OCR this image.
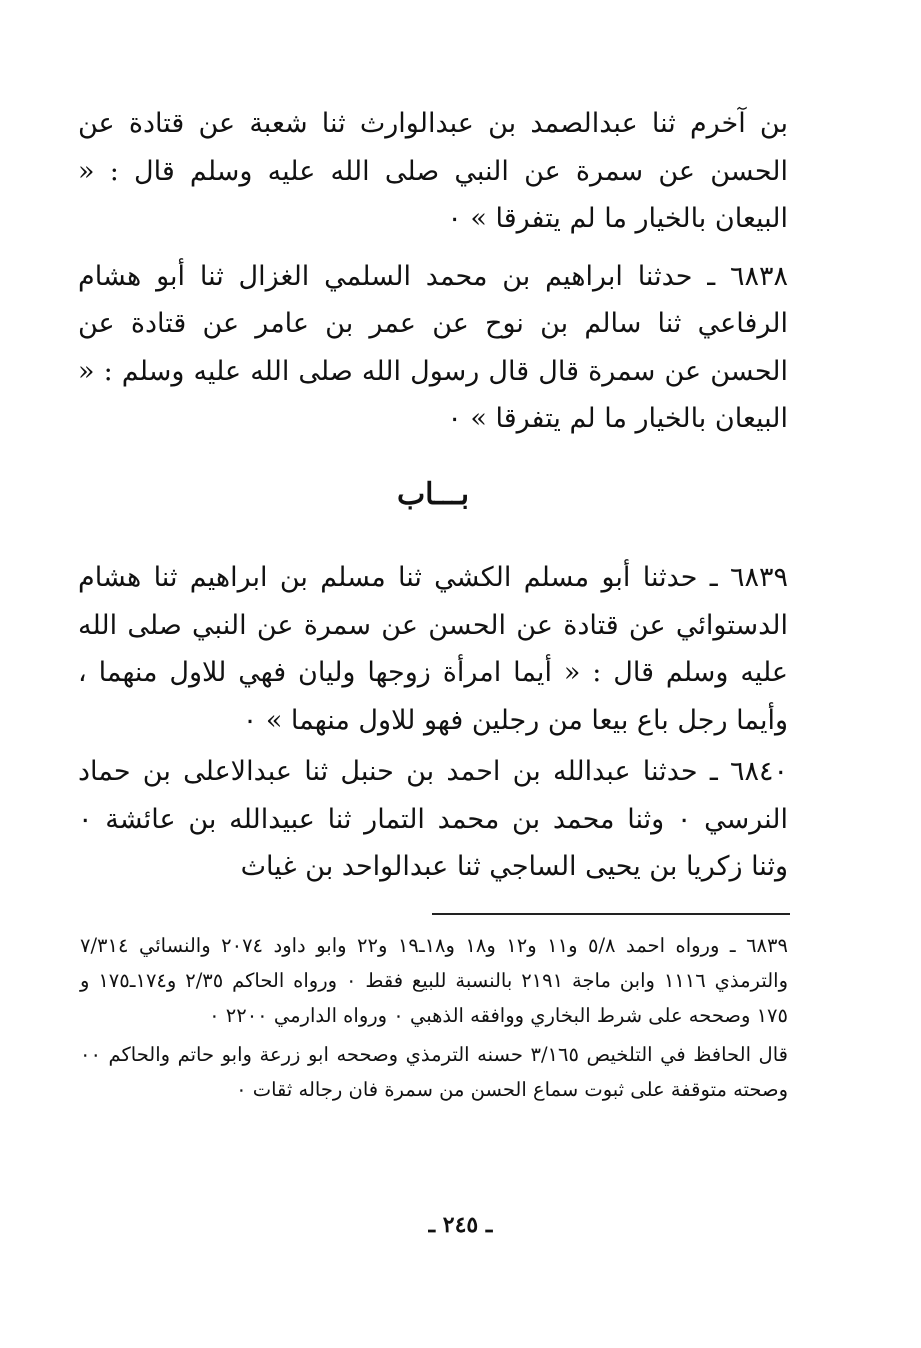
بن آخرم ثنا عبدالصمد بن عبدالوارث ثنا شعبة عن قتادة عن الحسن عن سمرة عن النبي صلى الله عليه وسلم قال : « البيعان بالخيار ما لم يتفرقا » ٠

٦٨٣٨ ـ حدثنا ابراهيم بن محمد السلمي الغزال ثنا أبو هشام الرفاعي ثنا سالم بن نوح عن عمر بن عامر عن قتادة عن الحسن عن سمرة قال قال رسول الله صلى الله عليه وسلم : « البيعان بالخيار ما لم يتفرقا » ٠

بـــاب

٦٨٣٩ ـ حدثنا أبو مسلم الكشي ثنا مسلم بن ابراهيم ثنا هشام الدستوائي عن قتادة عن الحسن عن سمرة عن النبي صلى الله عليه وسلم قال : « أيما امرأة زوجها وليان فهي للاول منهما ، وأيما رجل باع بيعا من رجلين فهو للاول منهما » ٠

٦٨٤٠ ـ حدثنا عبدالله بن احمد بن حنبل ثنا عبدالاعلى بن حماد النرسي ٠ وثنا محمد بن محمد التمار ثنا عبيدالله بن عائشة ٠ وثنا زكريا بن يحيى الساجي ثنا عبدالواحد بن غياث

٦٨٣٩ ـ ورواه احمد ٥/٨ و١١ و١٢ و١٨ و١٨ـ١٩ و٢٢ وابو داود ٢٠٧٤ والنسائي ٧/٣١٤ والترمذي ١١١٦ وابن ماجة ٢١٩١ بالنسبة للبيع فقط ٠ ورواه الحاكم ٢/٣٥ و١٧٤ـ١٧٥ و ١٧٥ وصححه على شرط البخاري ووافقه الذهبي ٠ ورواه الدارمي ٢٢٠٠ ٠

قال الحافظ في التلخيص ٣/١٦٥ حسنه الترمذي وصححه ابو زرعة وابو حاتم والحاكم ٠٠ وصحته متوقفة على ثبوت سماع الحسن من سمرة فان رجاله ثقات ٠

ـ ٢٤٥ ـ
